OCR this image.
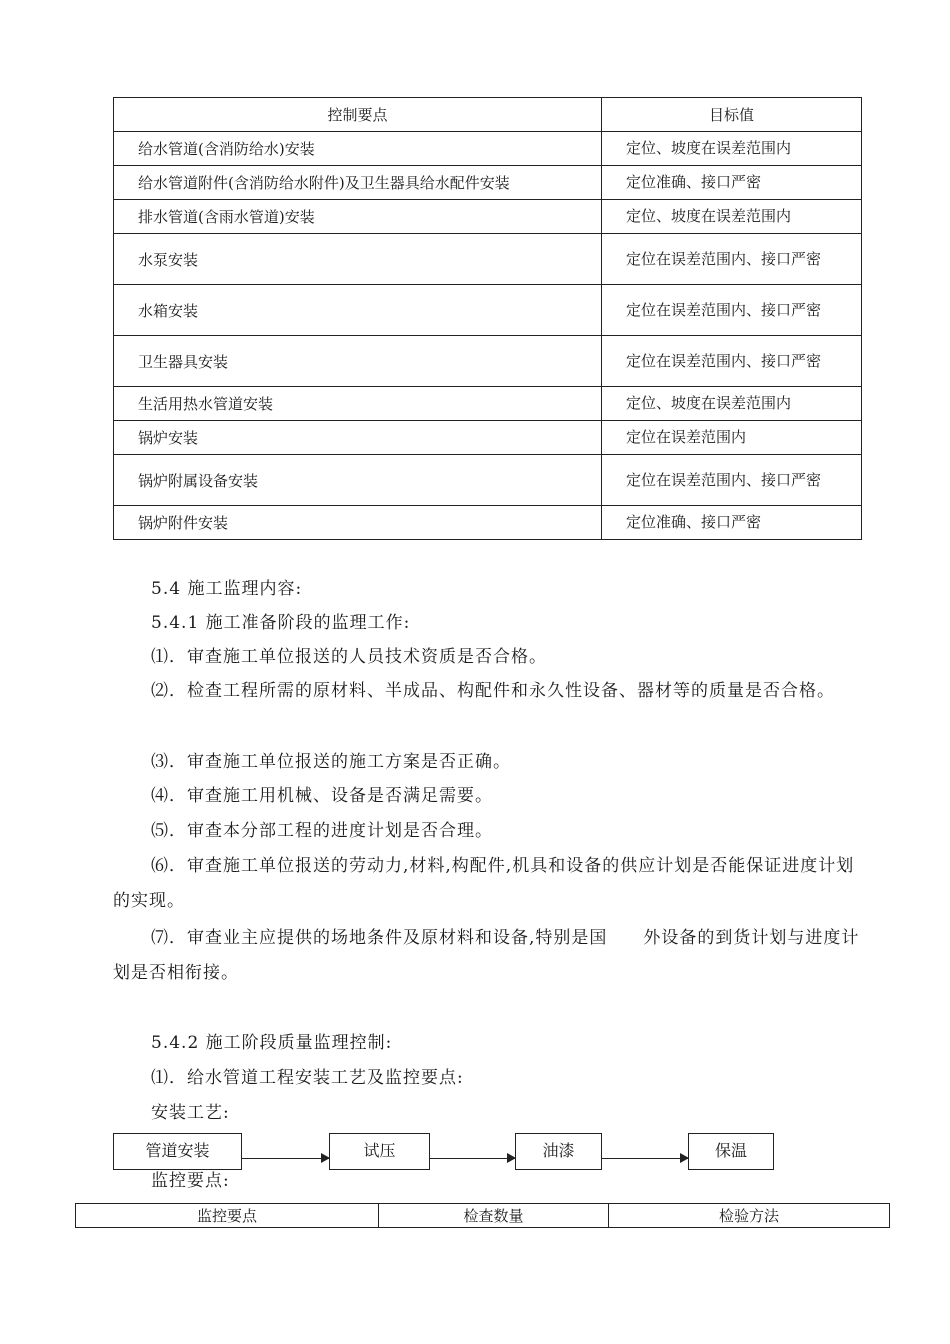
控制要点	目标值
给水管道(含消防给水)安装	定位、坡度在误差范围内
给水管道附件(含消防给水附件)及卫生器具给水配件安装	定位准确、接口严密
排水管道(含雨水管道)安装	定位、坡度在误差范围内
水泵安装	定位在误差范围内、接口严密
水箱安装	定位在误差范围内、接口严密
卫生器具安装	定位在误差范围内、接口严密
生活用热水管道安装	定位、坡度在误差范围内
锅炉安装	定位在误差范围内
锅炉附属设备安装	定位在误差范围内、接口严密
锅炉附件安装	定位准确、接口严密

5.4 施工监理内容:

5.4.1 施工准备阶段的监理工作:

⑴．审查施工单位报送的人员技术资质是否合格。

⑵．检查工程所需的原材料、半成品、构配件和永久性设备、器材等的质量是否合格。

⑶．审查施工单位报送的施工方案是否正确。

⑷．审查施工用机械、设备是否满足需要。

⑸．审查本分部工程的进度计划是否合理。

⑹．审查施工单位报送的劳动力,材料,构配件,机具和设备的供应计划是否能保证进度计划的实现。

⑺．审查业主应提供的场地条件及原材料和设备,特别是国　　外设备的到货计划与进度计划是否相衔接。

5.4.2 施工阶段质量监理控制:

⑴．给水管道工程安装工艺及监控要点:

安装工艺:

管道安装	试压	油漆	保温

监控要点:

监控要点	检查数量	检验方法
